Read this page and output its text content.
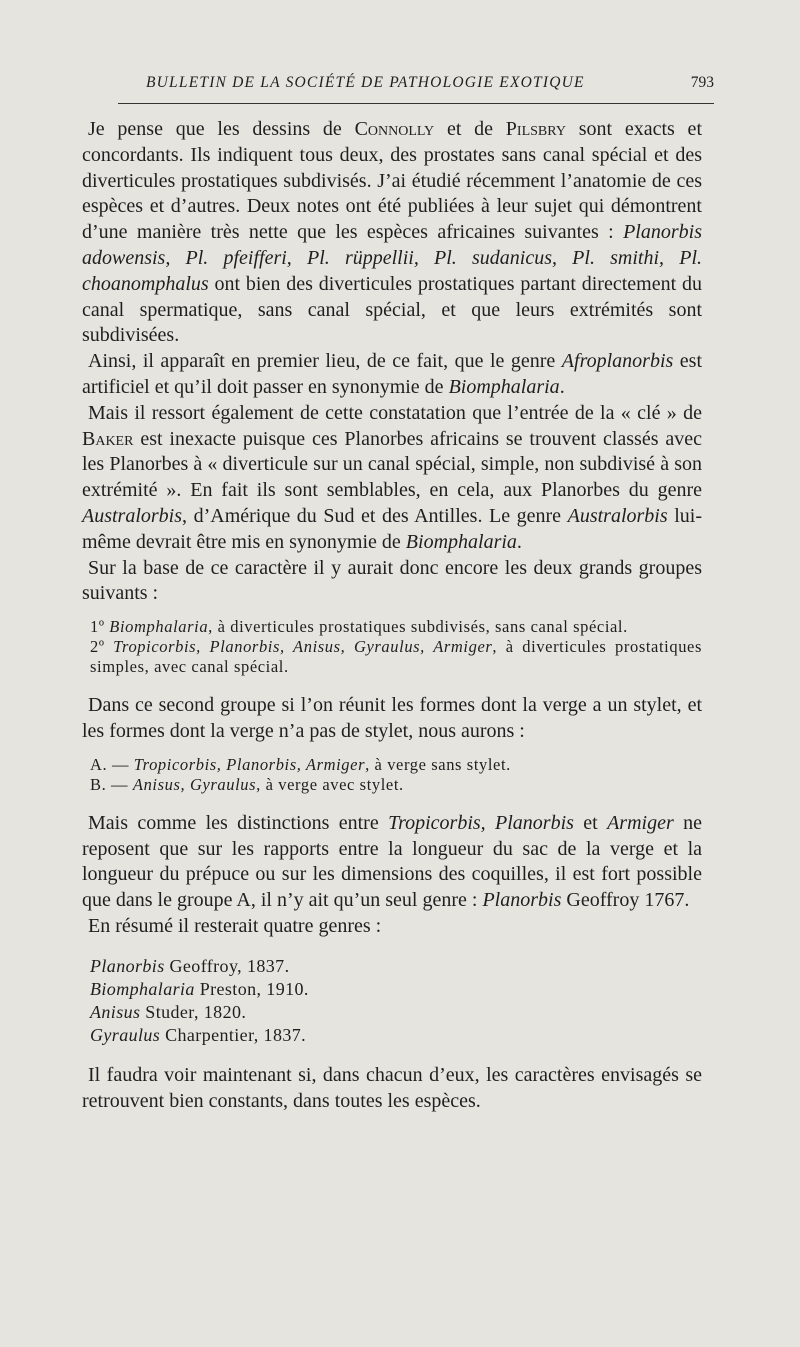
BULLETIN DE LA SOCIÉTÉ DE PATHOLOGIE EXOTIQUE	793

Je pense que les dessins de Connolly et de Pilsbry sont exacts et concordants. Ils indiquent tous deux, des prostates sans canal spécial et des diverticules prostatiques subdivisés. J’ai étudié récemment l’anatomie de ces espèces et d’autres. Deux notes ont été publiées à leur sujet qui démontrent d’une manière très nette que les espèces africaines suivantes : Planorbis adowensis, Pl. pfeifferi, Pl. rüppellii, Pl. sudanicus, Pl. smithi, Pl. choanomphalus ont bien des diverticules prostatiques partant directement du canal spermatique, sans canal spécial, et que leurs extrémités sont subdivisées.

Ainsi, il apparaît en premier lieu, de ce fait, que le genre Afroplanorbis est artificiel et qu’il doit passer en synonymie de Biomphalaria.

Mais il ressort également de cette constatation que l’entrée de la « clé » de Baker est inexacte puisque ces Planorbes africains se trouvent classés avec les Planorbes à « diverticule sur un canal spécial, simple, non subdivisé à son extrémité ». En fait ils sont semblables, en cela, aux Planorbes du genre Australorbis, d’Amérique du Sud et des Antilles. Le genre Australorbis lui-même devrait être mis en synonymie de Biomphalaria.

Sur la base de ce caractère il y aurait donc encore les deux grands groupes suivants :

1º Biomphalaria, à diverticules prostatiques subdivisés, sans canal spécial.

2º Tropicorbis, Planorbis, Anisus, Gyraulus, Armiger, à diverticules prostatiques simples, avec canal spécial.

Dans ce second groupe si l’on réunit les formes dont la verge a un stylet, et les formes dont la verge n’a pas de stylet, nous aurons :

A. — Tropicorbis, Planorbis, Armiger, à verge sans stylet.

B. — Anisus, Gyraulus, à verge avec stylet.

Mais comme les distinctions entre Tropicorbis, Planorbis et Armiger ne reposent que sur les rapports entre la longueur du sac de la verge et la longueur du prépuce ou sur les dimensions des coquilles, il est fort possible que dans le groupe A, il n’y ait qu’un seul genre : Planorbis Geoffroy 1767.

En résumé il resterait quatre genres :

Planorbis Geoffroy, 1837.

Biomphalaria Preston, 1910.

Anisus Studer, 1820.

Gyraulus Charpentier, 1837.

Il faudra voir maintenant si, dans chacun d’eux, les caractères envisagés se retrouvent bien constants, dans toutes les espèces.
